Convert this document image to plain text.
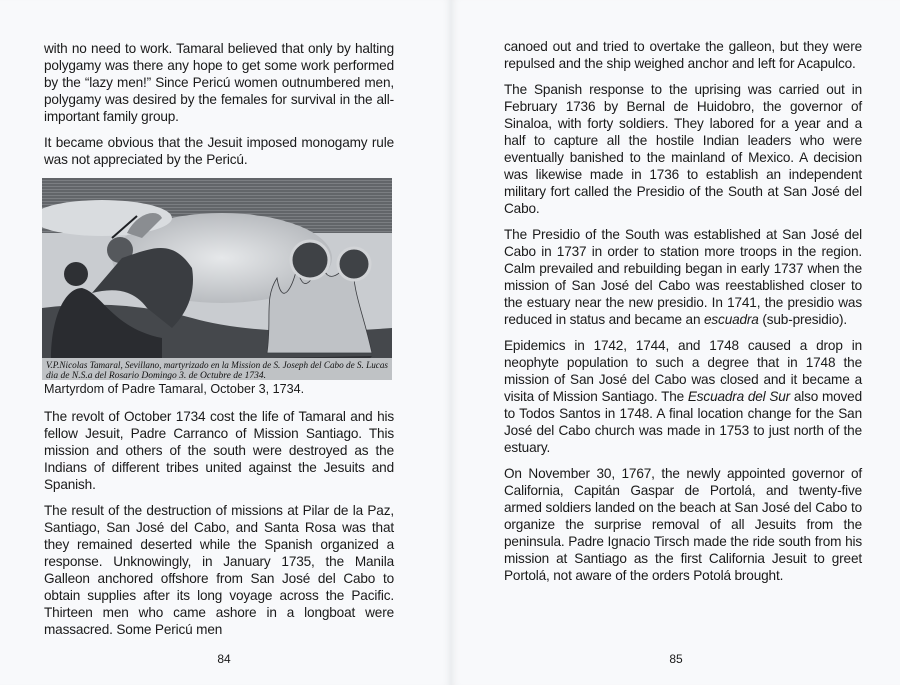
with no need to work. Tamaral believed that only by halting polygamy was there any hope to get some work performed by the “lazy men!” Since Pericú women outnumbered men, polygamy was desired by the females for survival in the all-important family group.

It became obvious that the Jesuit imposed monogamy rule was not appreciated by the Pericú.

V.P.Nicolas Tamaral, Sevillano, martyrizado en la Mission de S. Joseph del Cabo de S. Lucas
dia de N.S.a del Rosario Domingo 3. de Octubre de 1734.
Martyrdom of Padre Tamaral, October 3, 1734.

The revolt of October 1734 cost the life of Tamaral and his fellow Jesuit, Padre Carranco of Mission Santiago. This mission and others of the south were destroyed as the Indians of different tribes united against the Jesuits and Spanish.

The result of the destruction of missions at Pilar de la Paz, Santiago, San José del Cabo, and Santa Rosa was that they remained deserted while the Spanish organized a response. Unknowingly, in January 1735, the Manila Galleon anchored offshore from San José del Cabo to obtain supplies after its long voyage across the Pacific. Thirteen men who came ashore in a longboat were massacred. Some Pericú men

84

canoed out and tried to overtake the galleon, but they were repulsed and the ship weighed anchor and left for Acapulco.

The Spanish response to the uprising was carried out in February 1736 by Bernal de Huidobro, the governor of Sinaloa, with forty soldiers. They labored for a year and a half to capture all the hostile Indian leaders who were eventually banished to the mainland of Mexico. A decision was likewise made in 1736 to establish an independent military fort called the Presidio of the South at San José del Cabo.

The Presidio of the South was established at San José del Cabo in 1737 in order to station more troops in the region. Calm prevailed and rebuilding began in early 1737 when the mission of San José del Cabo was reestablished closer to the estuary near the new presidio. In 1741, the presidio was reduced in status and became an escuadra (sub-presidio).

Epidemics in 1742, 1744, and 1748 caused a drop in neophyte population to such a degree that in 1748 the mission of San José del Cabo was closed and it became a visita of Mission Santiago. The Escuadra del Sur also moved to Todos Santos in 1748. A final location change for the San José del Cabo church was made in 1753 to just north of the estuary.

On November 30, 1767, the newly appointed governor of California, Capitán Gaspar de Portolá, and twenty-five armed soldiers landed on the beach at San José del Cabo to organize the surprise removal of all Jesuits from the peninsula. Padre Ignacio Tirsch made the ride south from his mission at Santiago as the first California Jesuit to greet Portolá, not aware of the orders Potolá brought.

85
